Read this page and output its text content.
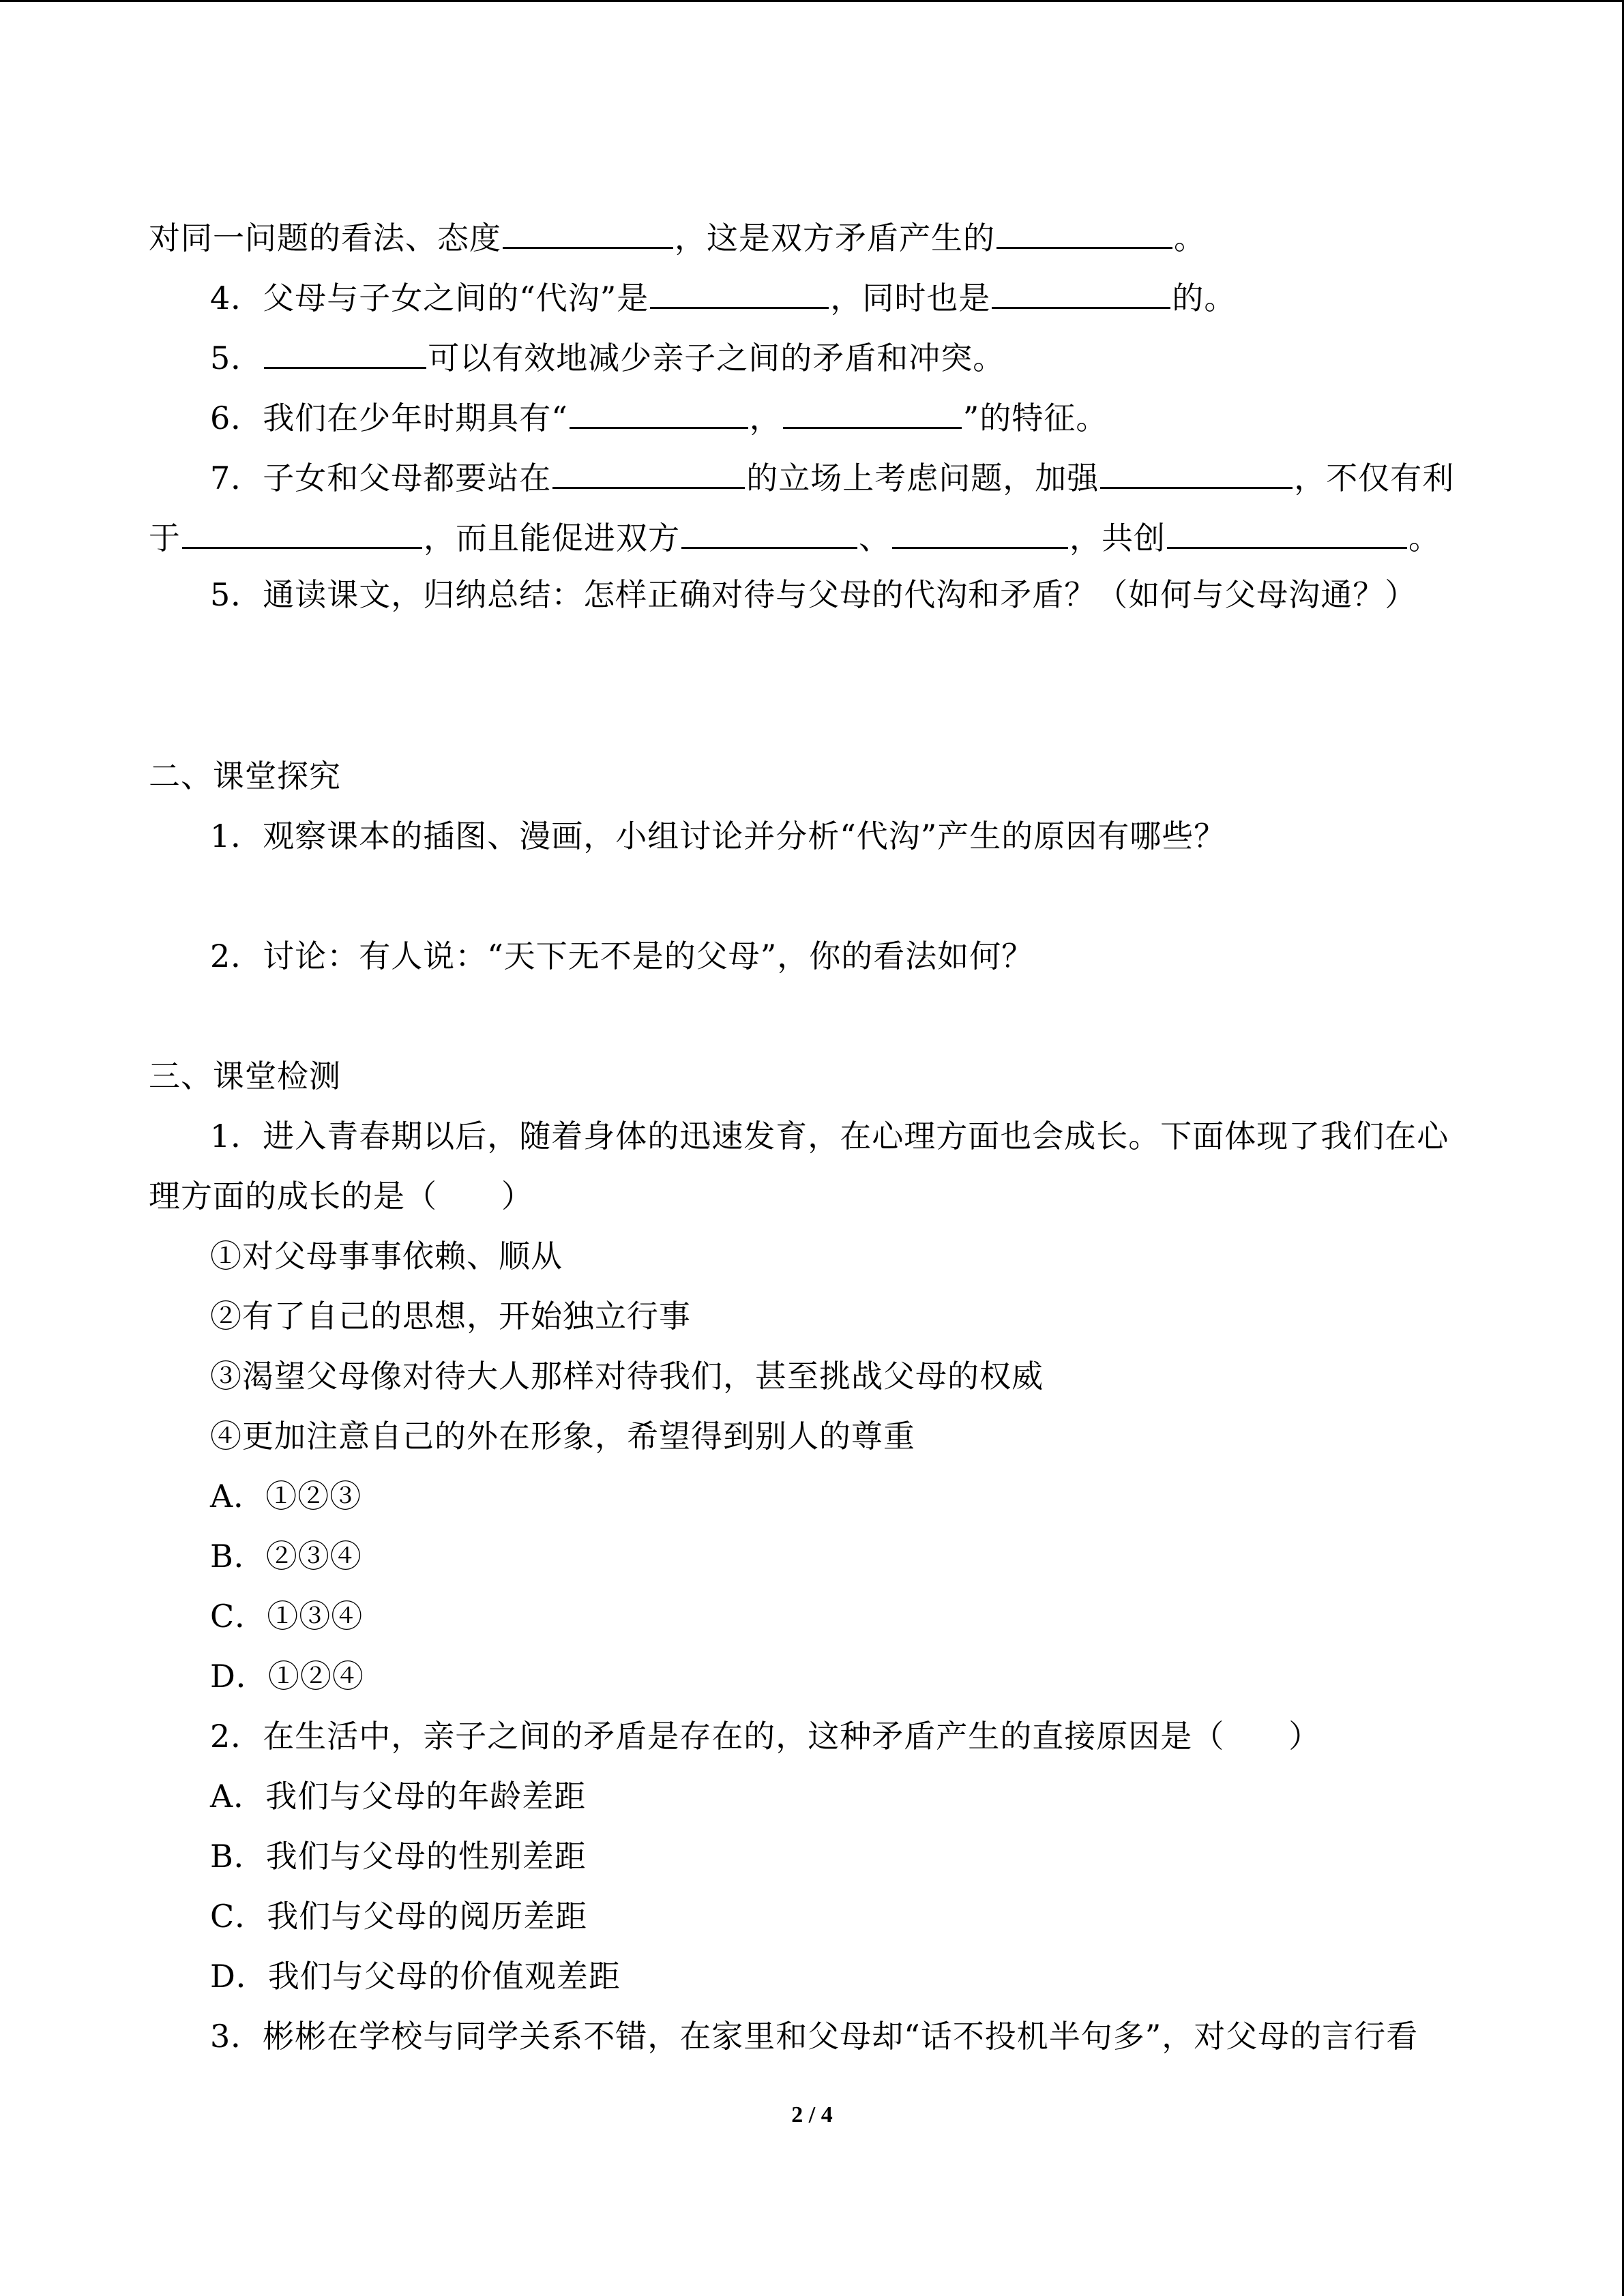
对同一问题的看法、态度	，这是双方矛盾产生的	。
4．父母与子女之间的“代沟”是	，同时也是	的。
5．	可以有效地减少亲子之间的矛盾和冲突。
6．我们在少年时期具有“	，	”的特征。
7．子女和父母都要站在	的立场上考虑问题，加强	，不仅有利
于	，而且能促进双方	、	，共创	。
5．通读课文，归纳总结：怎样正确对待与父母的代沟和矛盾？（如何与父母沟通？）
二、课堂探究
1．观察课本的插图、漫画，小组讨论并分析“代沟”产生的原因有哪些？
2．讨论：有人说：“天下无不是的父母”，你的看法如何？
三、课堂检测
1．进入青春期以后，随着身体的迅速发育，在心理方面也会成长。下面体现了我们在心
理方面的成长的是（　　）
①对父母事事依赖、顺从
②有了自己的思想，开始独立行事
③渴望父母像对待大人那样对待我们，甚至挑战父母的权威
④更加注意自己的外在形象，希望得到别人的尊重
A．①②③
B．②③④
C．①③④
D．①②④
2．在生活中，亲子之间的矛盾是存在的，这种矛盾产生的直接原因是（　　）
A．我们与父母的年龄差距
B．我们与父母的性别差距
C．我们与父母的阅历差距
D．我们与父母的价值观差距
3．彬彬在学校与同学关系不错，在家里和父母却“话不投机半句多”，对父母的言行看
2 / 4
